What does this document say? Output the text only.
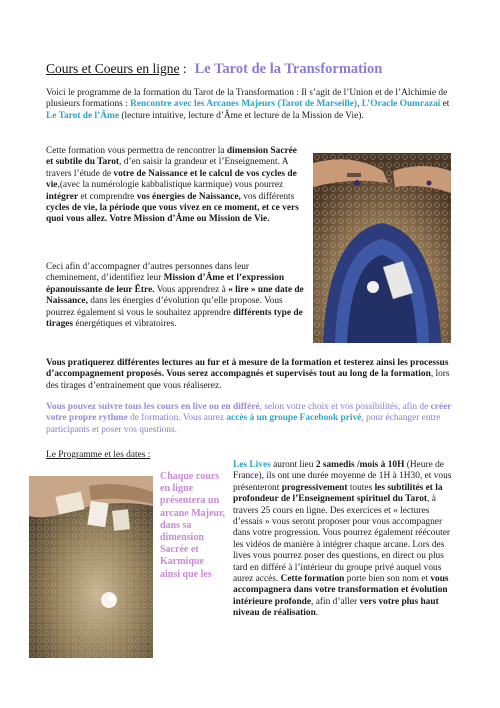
Cours et Coeurs en ligne : Le Tarot de la Transformation

Voici le programme de la formation du Tarot de la Transformation : Il s’agit de l’Union et de l’Alchimie de plusieurs formations : Rencontre avec les Arcanes Majeurs (Tarot de Marseille), L’Oracle Oumrazaï et Le Tarot de l’Âme (lecture intuitive, lecture d’Âme et lecture de la Mission de Vie).

Cette formation vous permettra de rencontrer la dimension Sacrée et subtile du Tarot, d’en saisir la grandeur et l’Enseignement. A travers l’étude de votre de Naissance et le calcul de vos cycles de vie,(avec la numérologie kabbalistique karmique) vous pourrez intégrer et comprendre vos énergies de Naissance, vos différents cycles de vie, la période que vous vivez en ce moment, et ce vers quoi vous allez. Votre Mission d’Âme ou Mission de Vie.

Ceci afin d’accompagner d’autres personnes dans leur cheminement, d’identifiez leur Mission d’Âme et l’expression épanouissante de leur Être. Vous apprendrez à « lire » une date de Naissance, dans les énergies d’évolution qu’elle propose. Vous pourrez également si vous le souhaitez apprendre différents type de tirages énergétiques et vibratoires.

Vous pratiquerez différentes lectures au fur et à mesure de la formation et testerez ainsi les processus d’accompagnement proposés. Vous serez accompagnés et supervisés tout au long de la formation, lors des tirages d’entrainement que vous réaliserez.

Vous pouvez suivre tous les cours en live ou en différé, selon votre choix et vos possibilités, afin de créer votre propre rythme de formation. Vous aurez accès à un groupe Facebook privé, pour échanger entre participants et poser vos questions.

Le Programme et les dates :

Chaque cours en ligne présentera un arcane Majeur, dans sa dimension Sacrée et Karmique ainsi que les

Les Lives auront lieu 2 samedis /mois à 10H (Heure de France), ils ont une durée moyenne de 1H à 1H30, et vous présenteront progressivement toutes les subtilités et la profondeur de l’Enseignement spirituel du Tarot, à travers 25 cours en ligne. Des exercices et « lectures d’essais » vous seront proposer pour vous accompagner dans votre progression. Vous pourrez également réécouter les vidéos de manière à intégrer chaque arcane. Lors des lives vous pourrez poser des questions, en direct ou plus tard en différé à l’intérieur du groupe privé auquel vous aurez accès. Cette formation porte bien son nom et vous accompagnera dans votre transformation et évolution intérieure profonde, afin d’aller vers votre plus haut niveau de réalisation.
